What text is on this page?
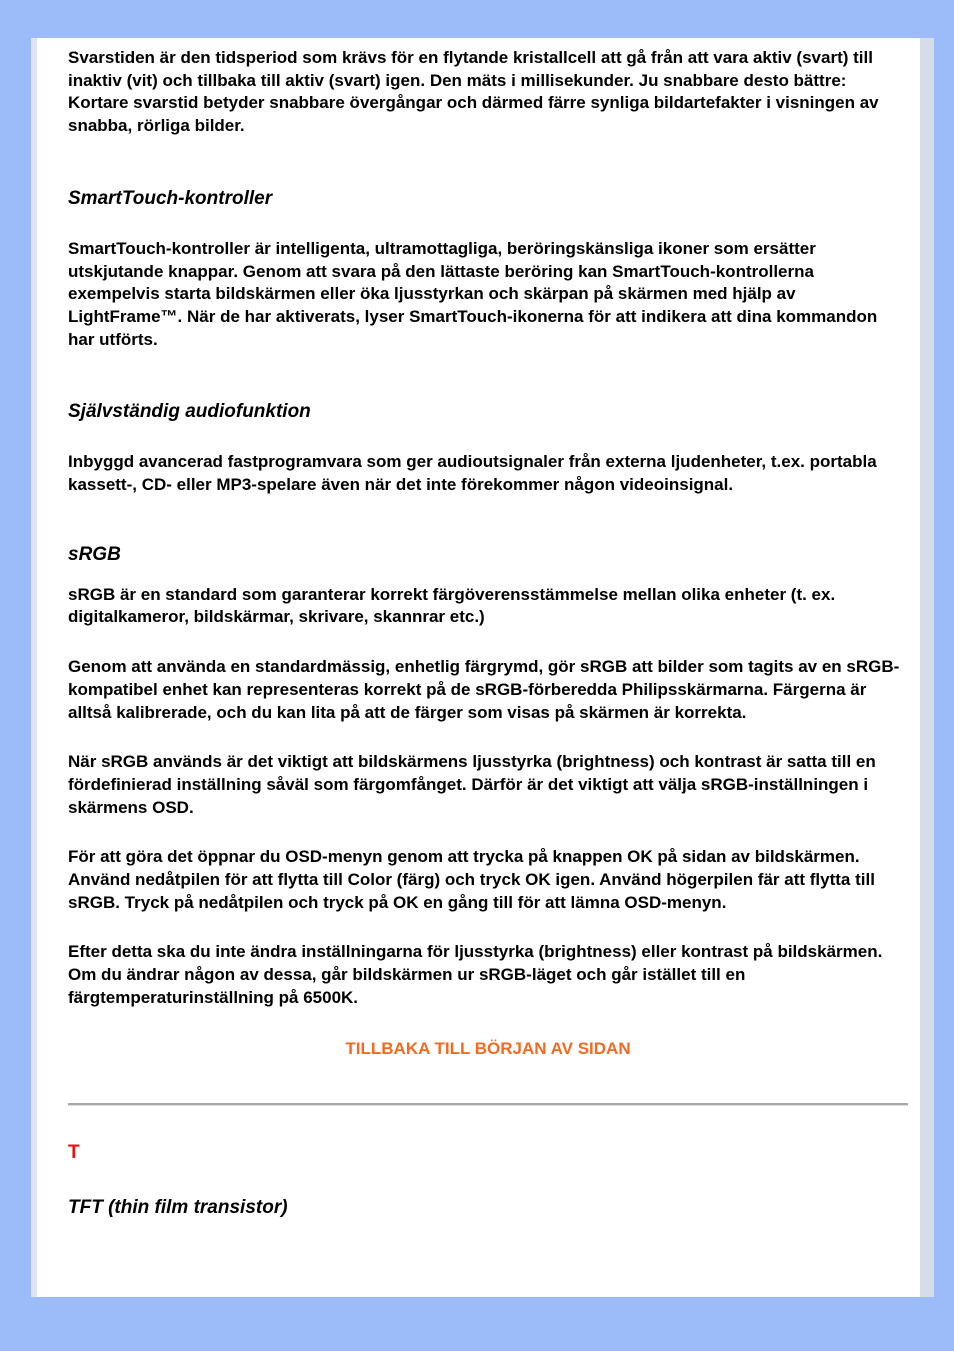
Svarstiden är den tidsperiod som krävs för en flytande kristallcell att gå från att vara aktiv (svart) till inaktiv (vit) och tillbaka till aktiv (svart) igen. Den mäts i millisekunder. Ju snabbare desto bättre: Kortare svarstid betyder snabbare övergångar och därmed färre synliga bildartefakter i visningen av snabba, rörliga bilder.

SmartTouch-kontroller

SmartTouch-kontroller är intelligenta, ultramottagliga, beröringskänsliga ikoner som ersätter utskjutande knappar. Genom att svara på den lättaste beröring kan SmartTouch-kontrollerna exempelvis starta bildskärmen eller öka ljusstyrkan och skärpan på skärmen med hjälp av LightFrame™. När de har aktiverats, lyser SmartTouch-ikonerna för att indikera att dina kommandon har utförts.

Självständig audiofunktion

Inbyggd avancerad fastprogramvara som ger audioutsignaler från externa ljudenheter, t.ex. portabla kassett-, CD- eller MP3-spelare även när det inte förekommer någon videoinsignal.

sRGB

sRGB är en standard som garanterar korrekt färgöverensstämmelse mellan olika enheter (t. ex. digitalkameror, bildskärmar, skrivare, skannrar etc.)

Genom att använda en standardmässig, enhetlig färgrymd, gör sRGB att bilder som tagits av en sRGB-kompatibel enhet kan representeras korrekt på de sRGB-förberedda Philipsskärmarna. Färgerna är alltså kalibrerade, och du kan lita på att de färger som visas på skärmen är korrekta.

När sRGB används är det viktigt att bildskärmens ljusstyrka (brightness) och kontrast är satta till en fördefinierad inställning såväl som färgomfånget. Därför är det viktigt att välja sRGB-inställningen i skärmens OSD.

För att göra det öppnar du OSD-menyn genom att trycka på knappen OK på sidan av bildskärmen. Använd nedåtpilen för att flytta till Color (färg) och tryck OK igen. Använd högerpilen fär att flytta till sRGB. Tryck på nedåtpilen och tryck på OK en gång till för att lämna OSD-menyn.

Efter detta ska du inte ändra inställningarna för ljusstyrka (brightness) eller kontrast på bildskärmen. Om du ändrar någon av dessa, går bildskärmen ur sRGB-läget och går istället till en färgtemperaturinställning på 6500K.

TILLBAKA TILL BÖRJAN AV SIDAN

T

TFT (thin film transistor)
